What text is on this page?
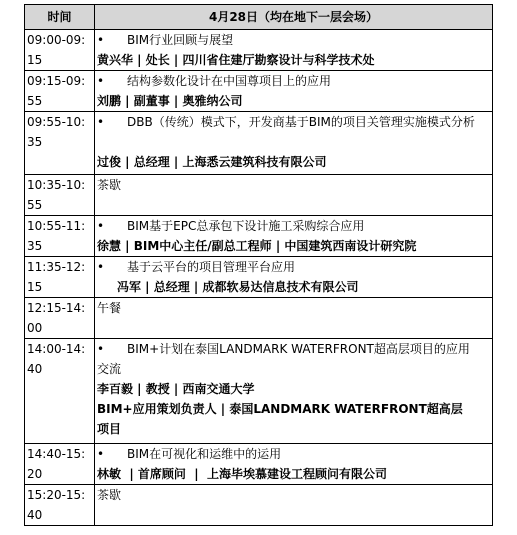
时间	4月28日（均在地下一层会场）
09:00-09:15	• BIM行业回顾与展望
黄兴华 | 处长 | 四川省住建厅勘察设计与科学技术处

09:15-09:55	• 结构参数化设计在中国尊项目上的应用
刘鹏 | 副董事 | 奥雅纳公司

09:55-10:35	• DBB（传统）模式下，开发商基于BIM的项目关管理实施模式分析

过俊 | 总经理 | 上海悉云建筑科技有限公司

10:35-10:55	茶歇

10:55-11:35	• BIM基于EPC总承包下设计施工采购综合应用
徐慧 | BIM中心主任/副总工程师 | 中国建筑西南设计研究院

11:35-12:15	• 基于云平台的项目管理平台应用
冯军 | 总经理 | 成都软易达信息技术有限公司

12:15-14:00	午餐

14:00-14:40	• BIM+计划在泰国LANDMARK WATERFRONT超高层项目的应用
交流
李百毅 | 教授 | 西南交通大学
BIM+应用策划负责人 | 泰国LANDMARK WATERFRONT超高层
项目

14:40-15:20	• BIM在可视化和运维中的运用
林敏  | 首席顾问  |  上海毕埃慕建设工程顾问有限公司

15:20-15:40	茶歇
